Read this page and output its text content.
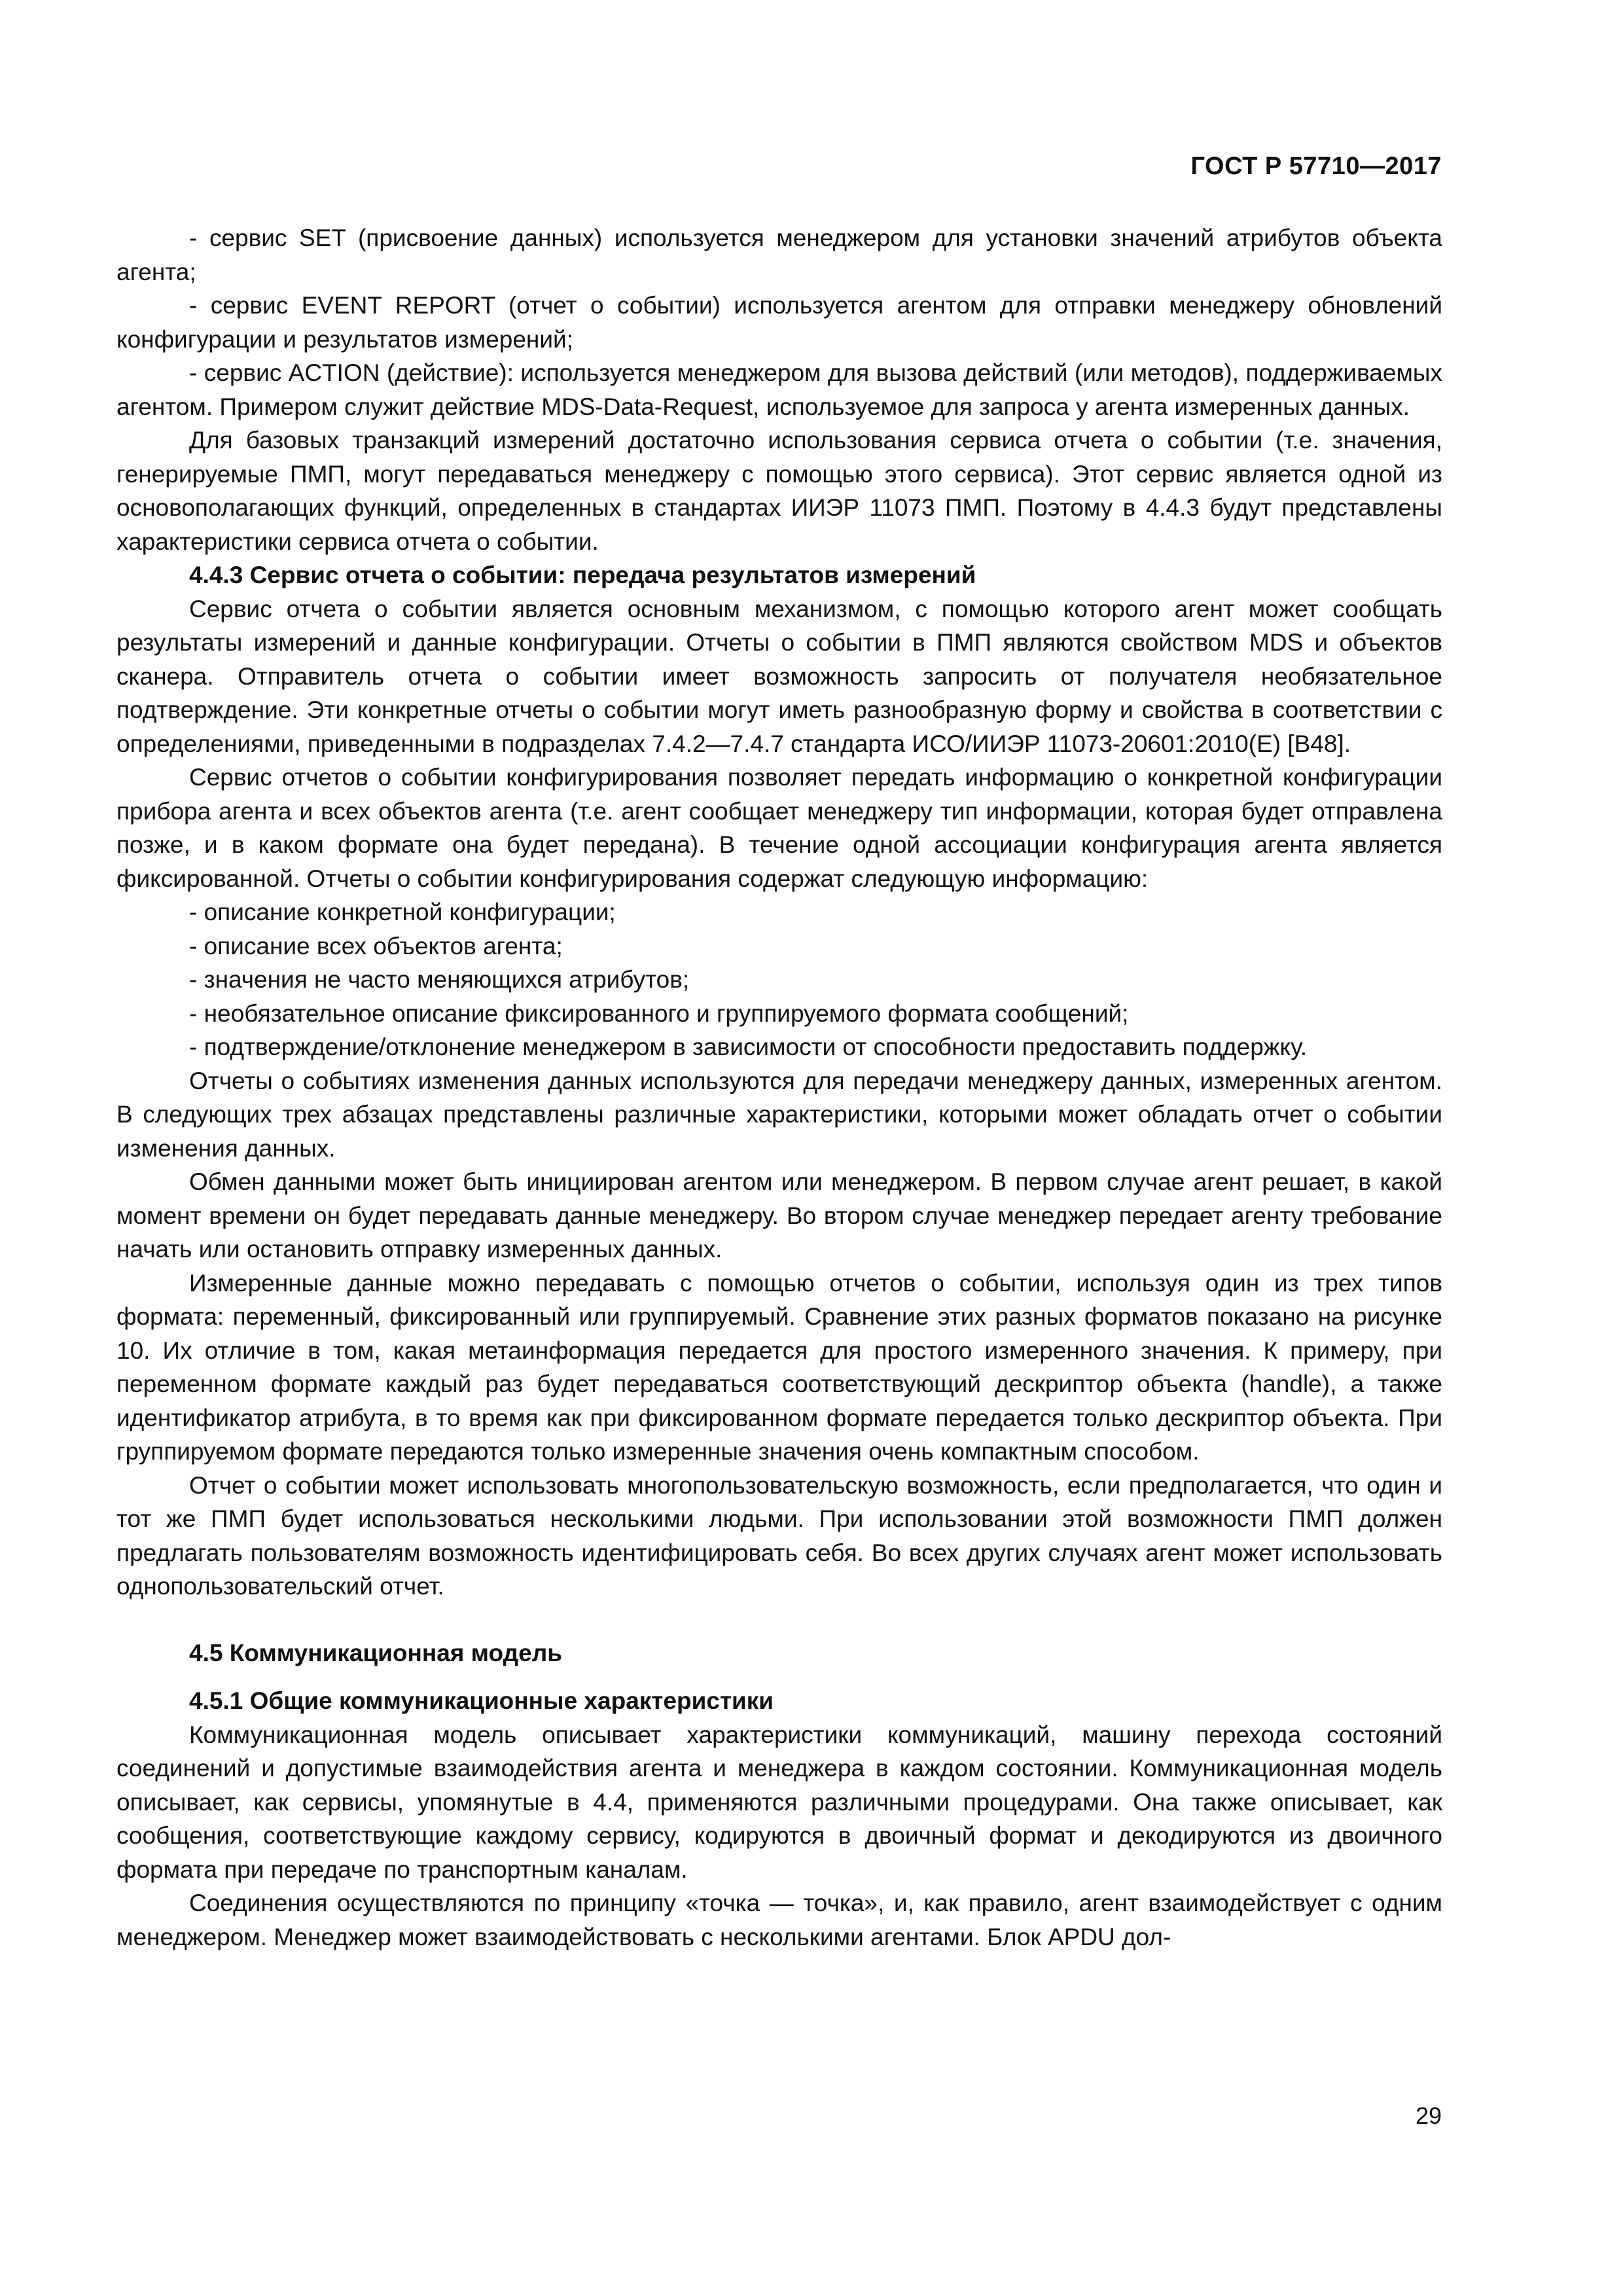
ГОСТ Р 57710—2017

- сервис SET (присвоение данных) используется менеджером для установки значений атрибутов объекта агента;

- сервис EVENT REPORT (отчет о событии) используется агентом для отправки менеджеру обновлений конфигурации и результатов измерений;

- сервис ACTION (действие): используется менеджером для вызова действий (или методов), поддерживаемых агентом. Примером служит действие MDS-Data-Request, используемое для запроса у агента измеренных данных.

Для базовых транзакций измерений достаточно использования сервиса отчета о событии (т.е. значения, генерируемые ПМП, могут передаваться менеджеру с помощью этого сервиса). Этот сервис является одной из основополагающих функций, определенных в стандартах ИИЭР 11073 ПМП. Поэтому в 4.4.3 будут представлены характеристики сервиса отчета о событии.

4.4.3 Сервис отчета о событии: передача результатов измерений

Сервис отчета о событии является основным механизмом, с помощью которого агент может сообщать результаты измерений и данные конфигурации. Отчеты о событии в ПМП являются свойством MDS и объектов сканера. Отправитель отчета о событии имеет возможность запросить от получателя необязательное подтверждение. Эти конкретные отчеты о событии могут иметь разнообразную форму и свойства в соответствии с определениями, приведенными в подразделах 7.4.2—7.4.7 стандарта ИСО/ИИЭР 11073-20601:2010(E) [B48].

Сервис отчетов о событии конфигурирования позволяет передать информацию о конкретной конфигурации прибора агента и всех объектов агента (т.е. агент сообщает менеджеру тип информации, которая будет отправлена позже, и в каком формате она будет передана). В течение одной ассоциации конфигурация агента является фиксированной. Отчеты о событии конфигурирования содержат следующую информацию:

- описание конкретной конфигурации;

- описание всех объектов агента;

- значения не часто меняющихся атрибутов;

- необязательное описание фиксированного и группируемого формата сообщений;

- подтверждение/отклонение менеджером в зависимости от способности предоставить поддержку.

Отчеты о событиях изменения данных используются для передачи менеджеру данных, измеренных агентом. В следующих трех абзацах представлены различные характеристики, которыми может обладать отчет о событии изменения данных.

Обмен данными может быть инициирован агентом или менеджером. В первом случае агент решает, в какой момент времени он будет передавать данные менеджеру. Во втором случае менеджер передает агенту требование начать или остановить отправку измеренных данных.

Измеренные данные можно передавать с помощью отчетов о событии, используя один из трех типов формата: переменный, фиксированный или группируемый. Сравнение этих разных форматов показано на рисунке 10. Их отличие в том, какая метаинформация передается для простого измеренного значения. К примеру, при переменном формате каждый раз будет передаваться соответствующий дескриптор объекта (handle), а также идентификатор атрибута, в то время как при фиксированном формате передается только дескриптор объекта. При группируемом формате передаются только измеренные значения очень компактным способом.

Отчет о событии может использовать многопользовательскую возможность, если предполагается, что один и тот же ПМП будет использоваться несколькими людьми. При использовании этой возможности ПМП должен предлагать пользователям возможность идентифицировать себя. Во всех других случаях агент может использовать однопользовательский отчет.

4.5 Коммуникационная модель
4.5.1 Общие коммуникационные характеристики

Коммуникационная модель описывает характеристики коммуникаций, машину перехода состояний соединений и допустимые взаимодействия агента и менеджера в каждом состоянии. Коммуникационная модель описывает, как сервисы, упомянутые в 4.4, применяются различными процедурами. Она также описывает, как сообщения, соответствующие каждому сервису, кодируются в двоичный формат и декодируются из двоичного формата при передаче по транспортным каналам.

Соединения осуществляются по принципу «точка — точка», и, как правило, агент взаимодействует с одним менеджером. Менеджер может взаимодействовать с несколькими агентами. Блок APDU дол-

29
